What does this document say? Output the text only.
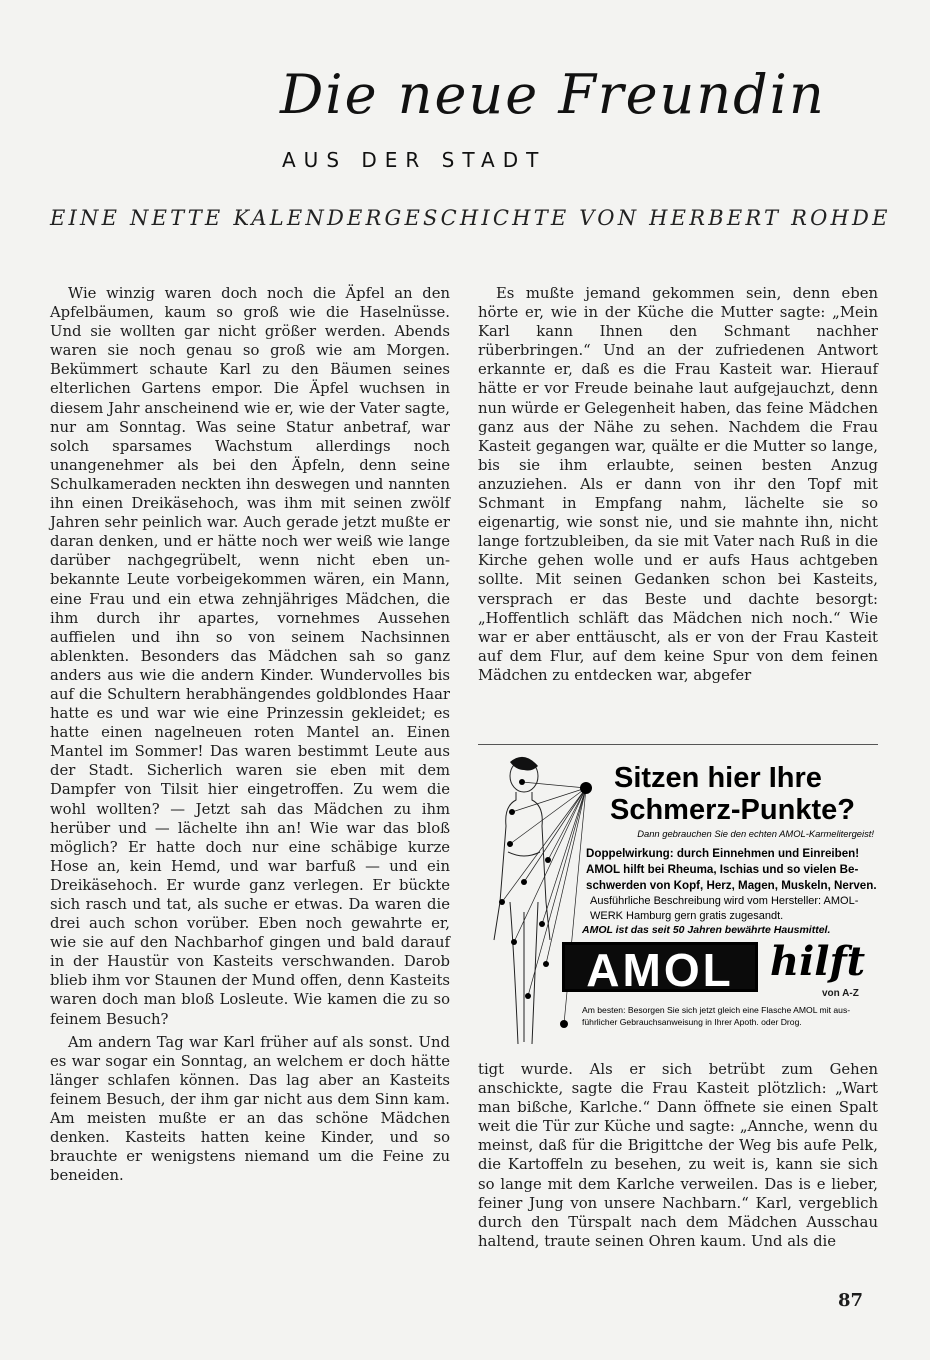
Die neue Freundin
AUS DER STADT
EINE NETTE KALENDERGESCHICHTE VON HERBERT ROHDE

Wie winzig waren doch noch die Äpfel an den Apfelbäumen, kaum so groß wie die Haselnüsse. Und sie wollten gar nicht größer werden. Abends waren sie noch genau so groß wie am Morgen. Bekümmert schaute Karl zu den Bäumen seines elterlichen Gartens empor. Die Äpfel wuchsen in diesem Jahr anscheinend wie er, wie der Vater sagte, nur am Sonntag. Was seine Statur anbetraf, war solch sparsames Wachstum allerdings noch unangenehmer als bei den Äpfeln, denn seine Schulkameraden neckten ihn deswegen und nannten ihn einen Dreikäsehoch, was ihm mit seinen zwölf Jahren sehr peinlich war. Auch gerade jetzt mußte er daran denken, und er hätte noch wer weiß wie lange darüber nachgegrübelt, wenn nicht eben unbekannte Leute vorbeigekommen wären, ein Mann, eine Frau und ein etwa zehnjähriges Mädchen, die ihm durch ihr apartes, vornehmes Aussehen auffielen und ihn so von seinem Nachsinnen ablenkten. Besonders das Mädchen sah so ganz anders aus wie die andern Kinder. Wundervolles bis auf die Schultern herabhängendes goldblondes Haar hatte es und war wie eine Prinzessin gekleidet; es hatte einen nagelneuen roten Mantel an. Einen Mantel im Sommer! Das waren bestimmt Leute aus der Stadt. Sicherlich waren sie eben mit dem Dampfer von Tilsit hier eingetroffen. Zu wem die wohl wollten? — Jetzt sah das Mädchen zu ihm herüber und — lächelte ihn an! Wie war das bloß möglich? Er hatte doch nur eine schäbige kurze Hose an, kein Hemd, und war barfuß — und ein Dreikäsehoch. Er wurde ganz verlegen. Er bückte sich rasch und tat, als suche er etwas. Da waren die drei auch schon vorüber. Eben noch gewahrte er, wie sie auf den Nachbarhof gingen und bald darauf in der Haustür von Kasteits verschwanden. Darob blieb ihm vor Staunen der Mund offen, denn Kasteits waren doch man bloß Losleute. Wie kamen die zu so feinem Besuch?

Am andern Tag war Karl früher auf als sonst. Und es war sogar ein Sonntag, an welchem er doch hätte länger schlafen können. Das lag aber an Kasteits feinem Besuch, der ihm gar nicht aus dem Sinn kam. Am meisten mußte er an das schöne Mädchen denken. Kasteits hatten keine Kinder, und so brauchte er wenigstens niemand um die Feine zu beneiden.

Es mußte jemand gekommen sein, denn eben hörte er, wie in der Küche die Mutter sagte: „Mein Karl kann Ihnen den Schmant nachher rüberbringen.“ Und an der zufriedenen Antwort erkannte er, daß es die Frau Kasteit war. Hierauf hätte er vor Freude beinahe laut aufgejauchzt, denn nun würde er Gelegenheit haben, das feine Mädchen ganz aus der Nähe zu sehen. Nachdem die Frau Kasteit gegangen war, quälte er die Mutter so lange, bis sie ihm erlaubte, seinen besten Anzug anzuziehen. Als er dann von ihr den Topf mit Schmant in Empfang nahm, lächelte sie so eigenartig, wie sonst nie, und sie mahnte ihn, nicht lange fortzubleiben, da sie mit Vater nach Ruß in die Kirche gehen wolle und er aufs Haus achtgeben sollte. Mit seinen Gedanken schon bei Kasteits, versprach er das Beste und dachte besorgt: „Hoffentlich schläft das Mädchen nich noch.“ Wie war er aber enttäuscht, als er von der Frau Kasteit auf dem Flur, auf dem keine Spur von dem feinen Mädchen zu entdecken war, abgefer

Sitzen hier Ihre
Schmerz-Punkte?
Dann gebrauchen Sie den echten AMOL-Karmelitergeist!
Doppelwirkung: durch Einnehmen und Einreiben! AMOL hilft bei Rheuma, Ischias und so vielen Beschwerden von Kopf, Herz, Magen, Muskeln, Nerven.
Ausführliche Beschreibung wird vom Hersteller: AMOL-WERK Hamburg gern gratis zugesandt.
AMOL ist das seit 50 Jahren bewährte Hausmittel.
AMOL hilft
von A-Z
Am besten: Besorgen Sie sich jetzt gleich eine Flasche AMOL mit ausführlicher Gebrauchsanweisung in Ihrer Apoth. oder Drog.

tigt wurde. Als er sich betrübt zum Gehen anschickte, sagte die Frau Kasteit plötzlich: „Wart man bißche, Karlche.“ Dann öffnete sie einen Spalt weit die Tür zur Küche und sagte: „Annche, wenn du meinst, daß für die Brigittche der Weg bis aufe Pelk, die Kartoffeln zu besehen, zu weit is, kann sie sich so lange mit dem Karlche verweilen. Das is e lieber, feiner Jung von unsere Nachbarn.“ Karl, vergeblich durch den Türspalt nach dem Mädchen Ausschau haltend, traute seinen Ohren kaum. Und als die

87
